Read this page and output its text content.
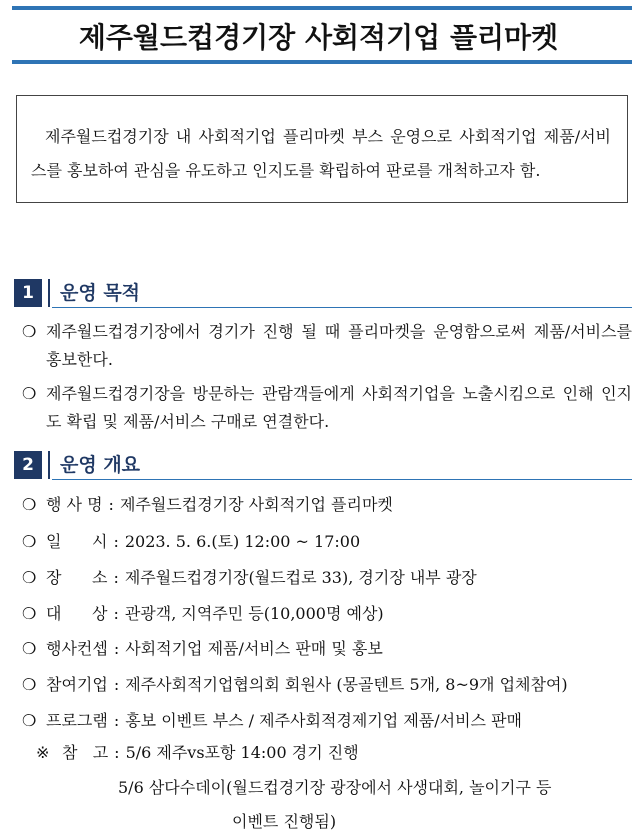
제주월드컵경기장 사회적기업 플리마켓
제주월드컵경기장 내 사회적기업 플리마켓 부스 운영으로 사회적기업 제품/서비스를 홍보하여 관심을 유도하고 인지도를 확립하여 판로를 개척하고자 함.
1	운영 목적
❍ 제주월드컵경기장에서 경기가 진행 될 때 플리마켓을 운영함으로써 제품/서비스를 홍보한다.
❍ 제주월드컵경기장을 방문하는 관람객들에게 사회적기업을 노출시킴으로 인해 인지도 확립 및 제품/서비스 구매로 연결한다.
2	운영 개요
❍ 행 사 명 : 제주월드컵경기장 사회적기업 플리마켓
❍ 일      시 : 2023. 5. 6.(토) 12:00 ~ 17:00
❍ 장      소 : 제주월드컵경기장(월드컵로 33), 경기장 내부 광장
❍ 대      상 : 관광객, 지역주민 등(10,000명 예상)
❍ 행사컨셉 : 사회적기업 제품/서비스 판매 및 홍보
❍ 참여기업 : 제주사회적기업협의회 회원사 (몽골텐트 5개, 8~9개 업체참여)
❍ 프로그램 : 홍보 이벤트 부스 / 제주사회적경제기업 제품/서비스 판매
※ 참   고 : 5/6 제주vs포항 14:00 경기 진행
5/6 삼다수데이(월드컵경기장 광장에서 사생대회, 놀이기구 등
이벤트 진행됨)
